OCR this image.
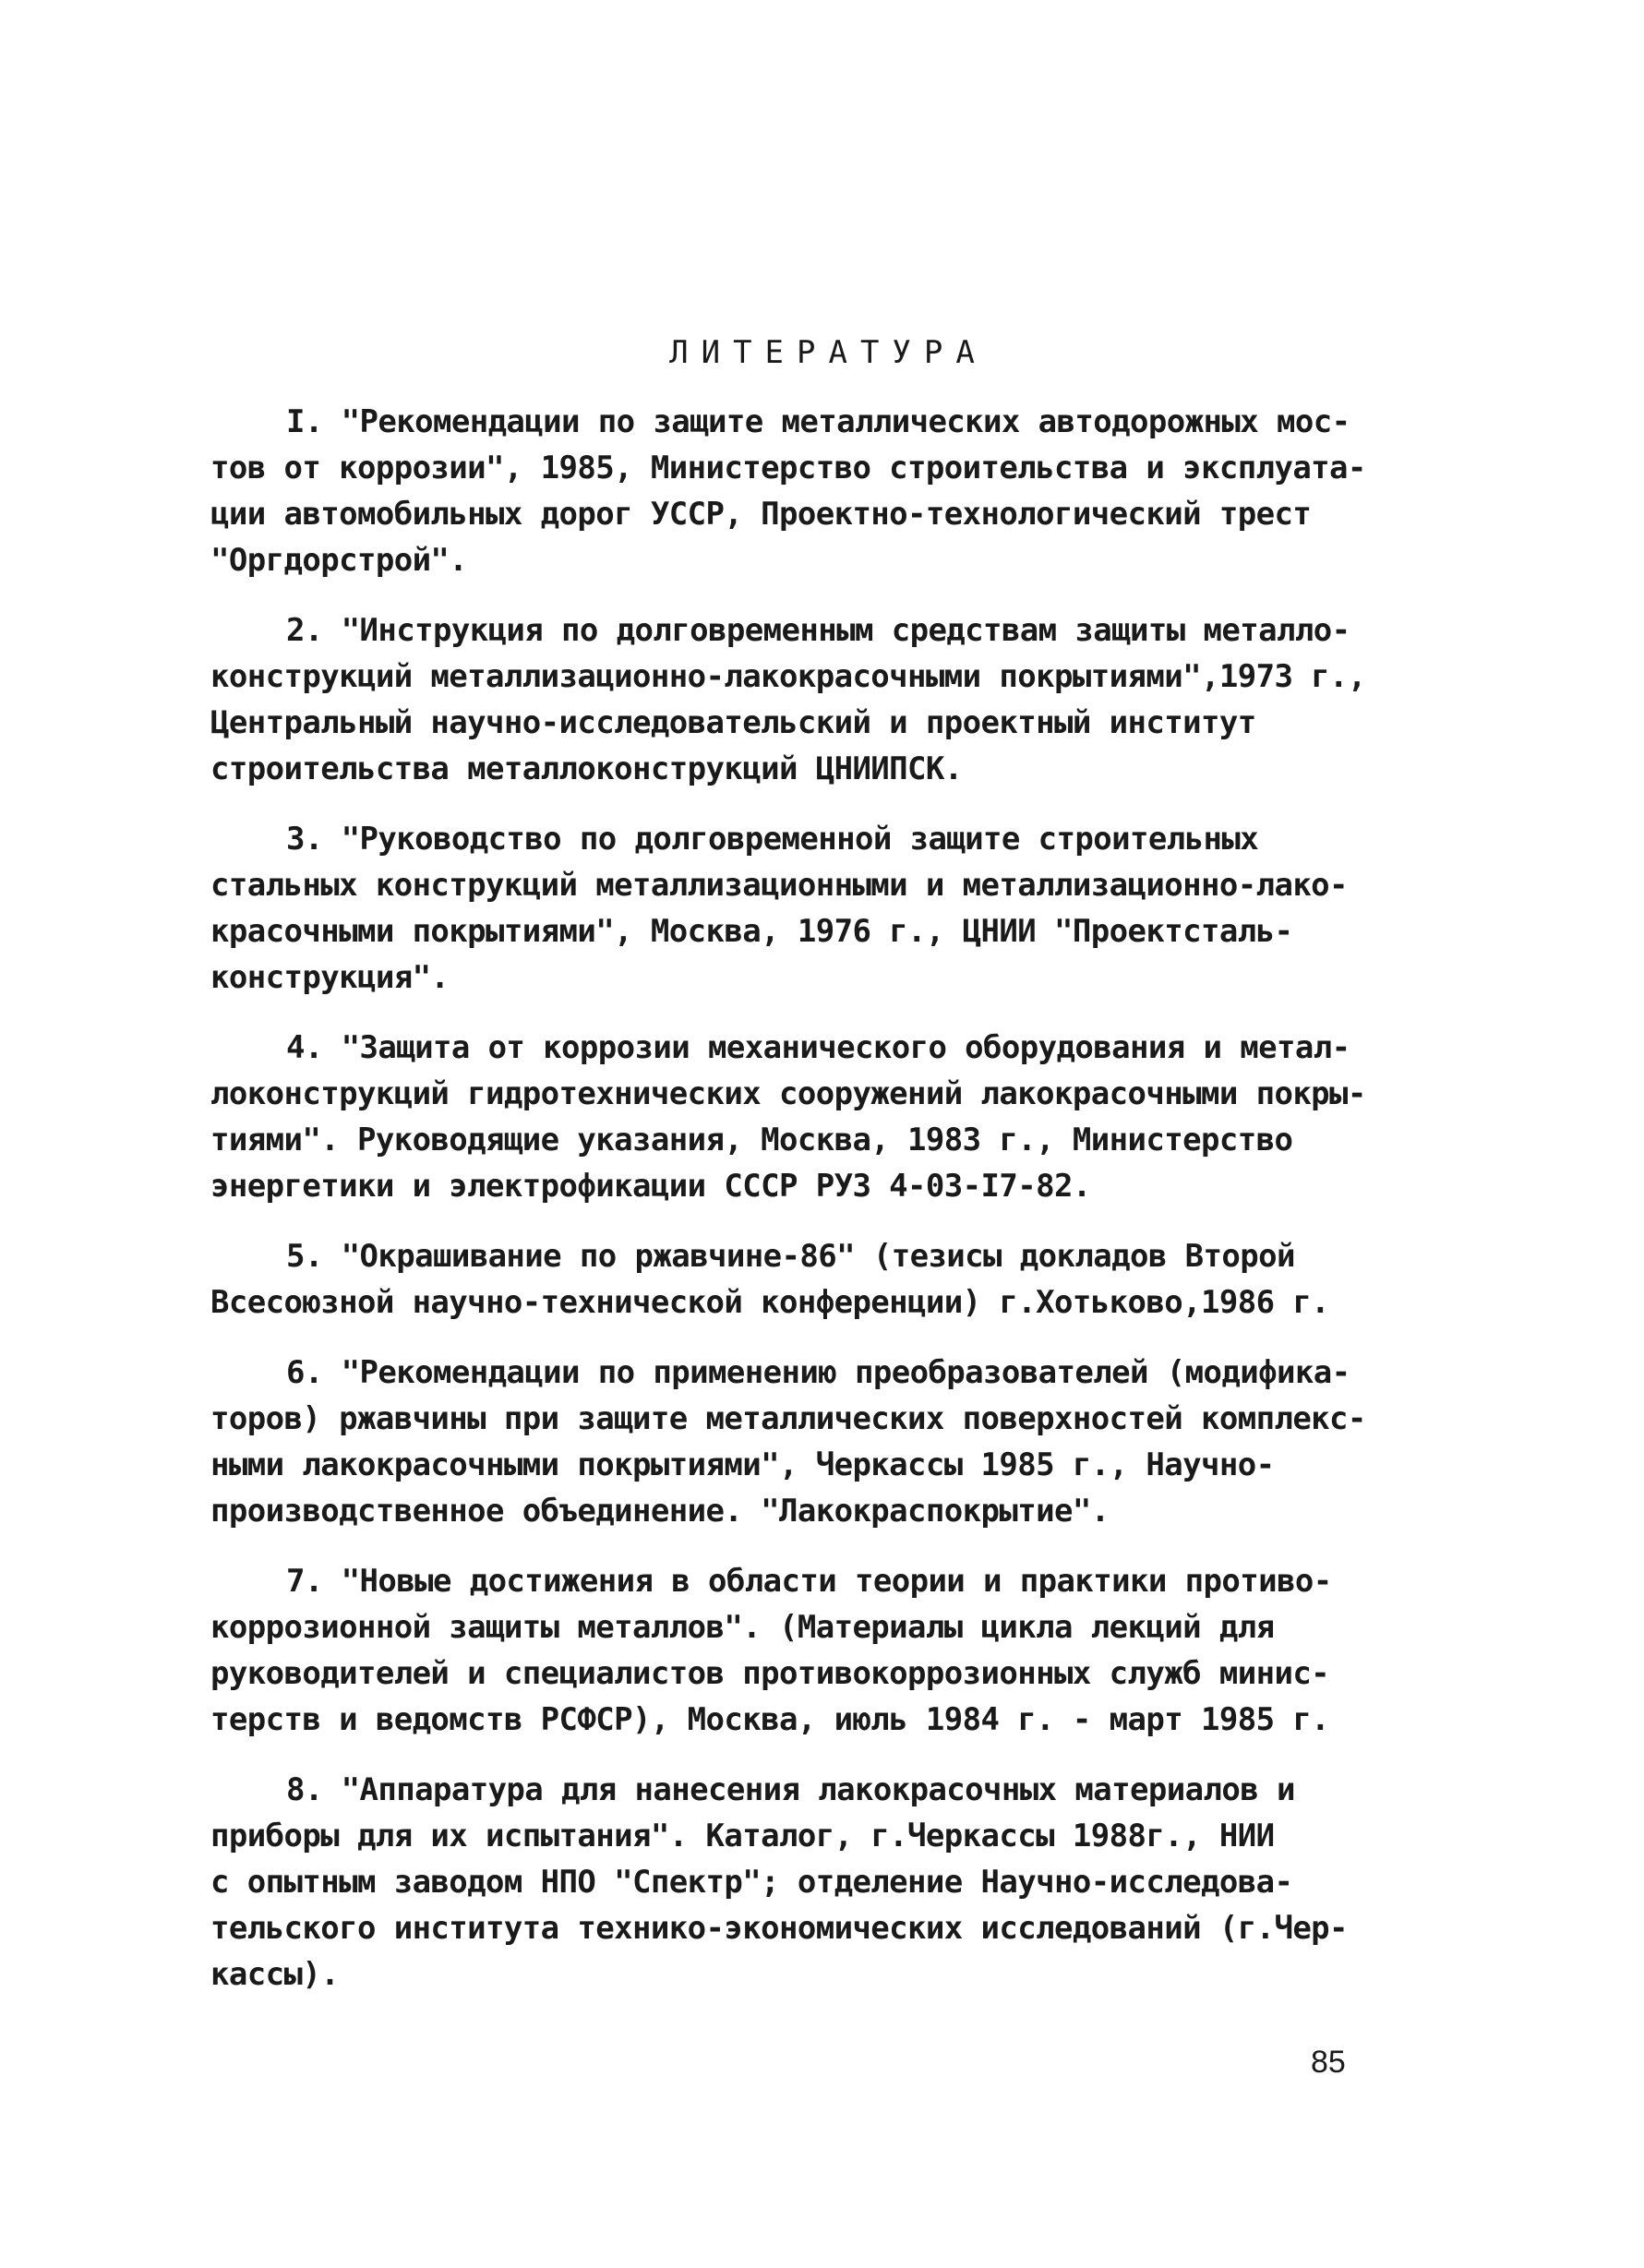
ЛИТЕРАТУРА
I. "Рекомендации по защите металлических автодорожных мос-
тов от коррозии", 1985, Министерство строительства и эксплуата-
ции автомобильных дорог УССР, Проектно-технологический трест
"Оргдорстрой".
2. "Инструкция по долговременным средствам защиты металло-
конструкций металлизационно-лакокрасочными покрытиями",1973 г.,
Центральный научно-исследовательский и проектный институт
строительства металлоконструкций ЦНИИПСК.
3. "Руководство по долговременной защите строительных
стальных конструкций металлизационными и металлизационно-лако-
красочными покрытиями", Москва, 1976 г., ЦНИИ "Проектсталь-
конструкция".
4. "Защита от коррозии механического оборудования и метал-
локонструкций гидротехнических сооружений лакокрасочными покры-
тиями". Руководящие указания, Москва, 1983 г., Министерство
энергетики и электрофикации СССР РУЗ 4-03-I7-82.
5. "Окрашивание по ржавчине-86" (тезисы докладов Второй
Всесоюзной научно-технической конференции) г.Хотьково,1986 г.
6. "Рекомендации по применению преобразователей (модифика-
торов) ржавчины при защите металлических поверхностей комплекс-
ными лакокрасочными покрытиями", Черкассы 1985 г., Научно-
производственное объединение. "Лакокраспокрытие".
7. "Новые достижения в области теории и практики противо-
коррозионной защиты металлов". (Материалы цикла лекций для
руководителей и специалистов противокоррозионных служб минис-
терств и ведомств РСФСР), Москва, июль 1984 г. - март 1985 г.
8. "Аппаратура для нанесения лакокрасочных материалов и
приборы для их испытания". Каталог, г.Черкассы 1988г., НИИ
с опытным заводом НПО "Спектр"; отделение Научно-исследова-
тельского института технико-экономических исследований (г.Чер-
кассы).
85
